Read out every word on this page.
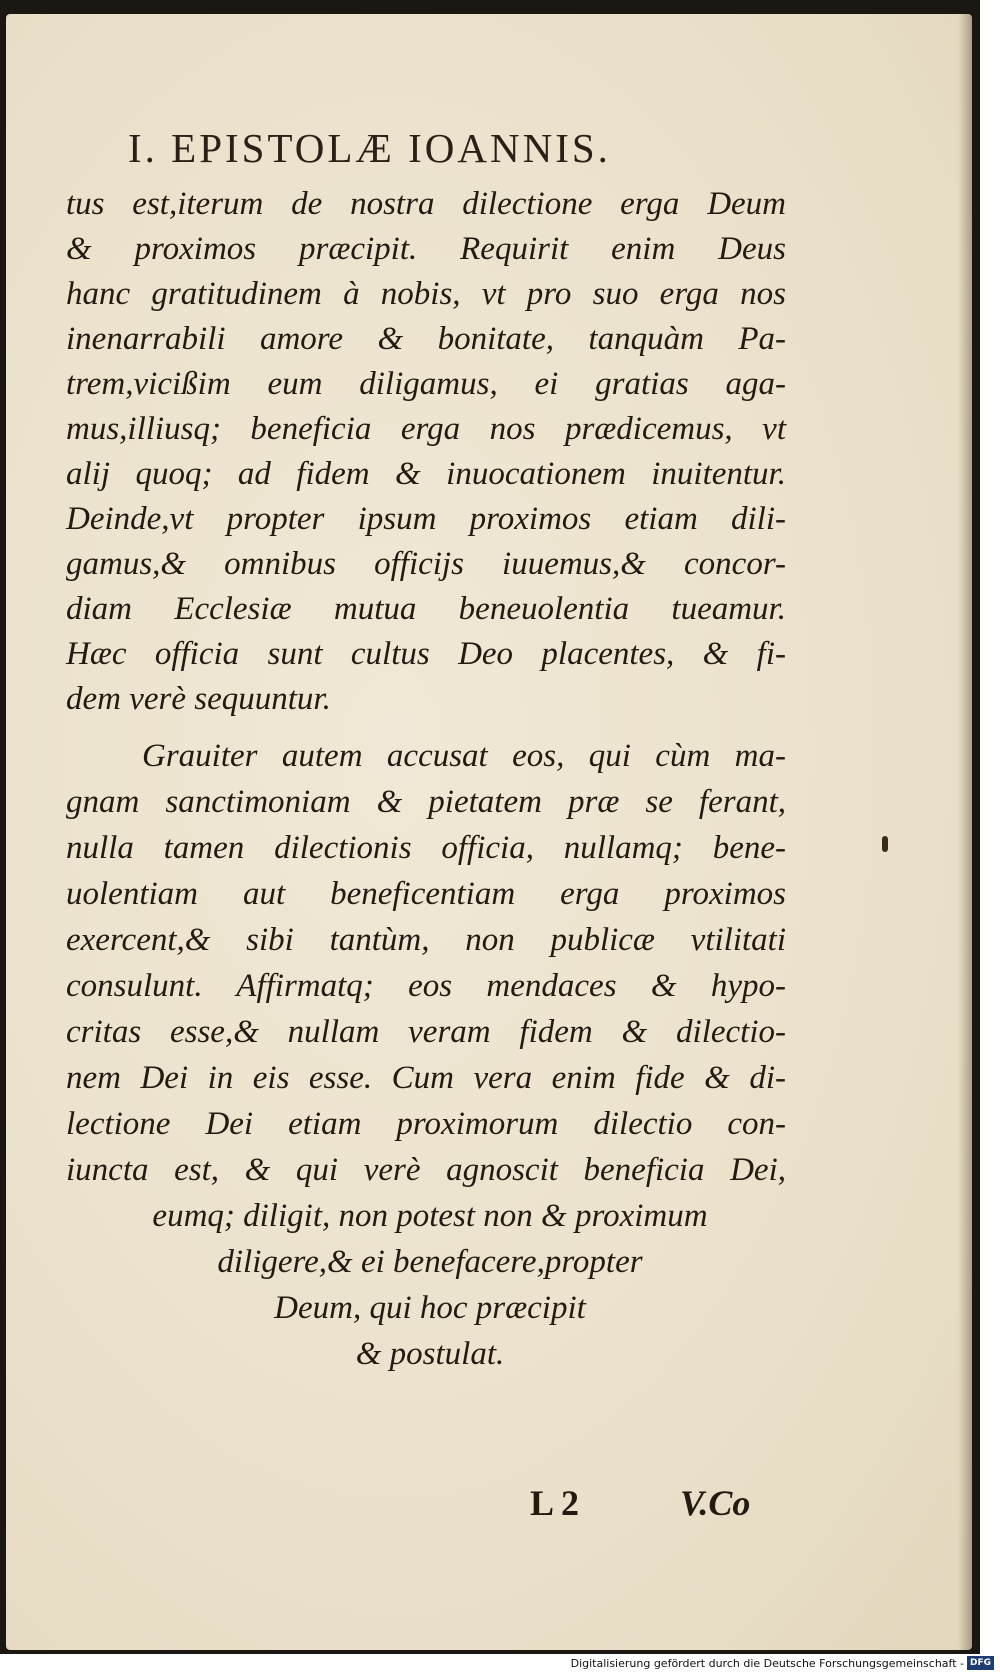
I. EPISTOLÆ IOANNIS.
tus est,iterum de nostra dilectione erga Deum
& proximos præcipit. Requirit enim Deus
hanc gratitudinem à nobis, vt pro suo erga nos
inenarrabili amore & bonitate, tanquàm Pa-
trem,vicißim eum diligamus, ei gratias aga-
mus,illiusq; beneficia erga nos prædicemus, vt
alij quoq; ad fidem & inuocationem inuitentur.
Deinde,vt propter ipsum proximos etiam dili-
gamus,& omnibus officijs iuuemus,& concor-
diam Ecclesiæ mutua beneuolentia tueamur.
Hæc officia sunt cultus Deo placentes, & fi-
dem verè sequuntur.
Grauiter autem accusat eos, qui cùm ma-
gnam sanctimoniam & pietatem præ se ferant,
nulla tamen dilectionis officia, nullamq; bene-
uolentiam aut beneficentiam erga proximos
exercent,& sibi tantùm, non publicæ vtilitati
consulunt. Affirmatq; eos mendaces & hypo-
critas esse,& nullam veram fidem & dilectio-
nem Dei in eis esse. Cum vera enim fide & di-
lectione Dei etiam proximorum dilectio con-
iuncta est, & qui verè agnoscit beneficia Dei,
eumq; diligit, non potest non & proximum
diligere,& ei benefacere,propter
Deum, qui hoc præcipit
& postulat.
L 2	V.Co
Digitalisierung gefördert durch die Deutsche Forschungsgemeinschaft - DFG
